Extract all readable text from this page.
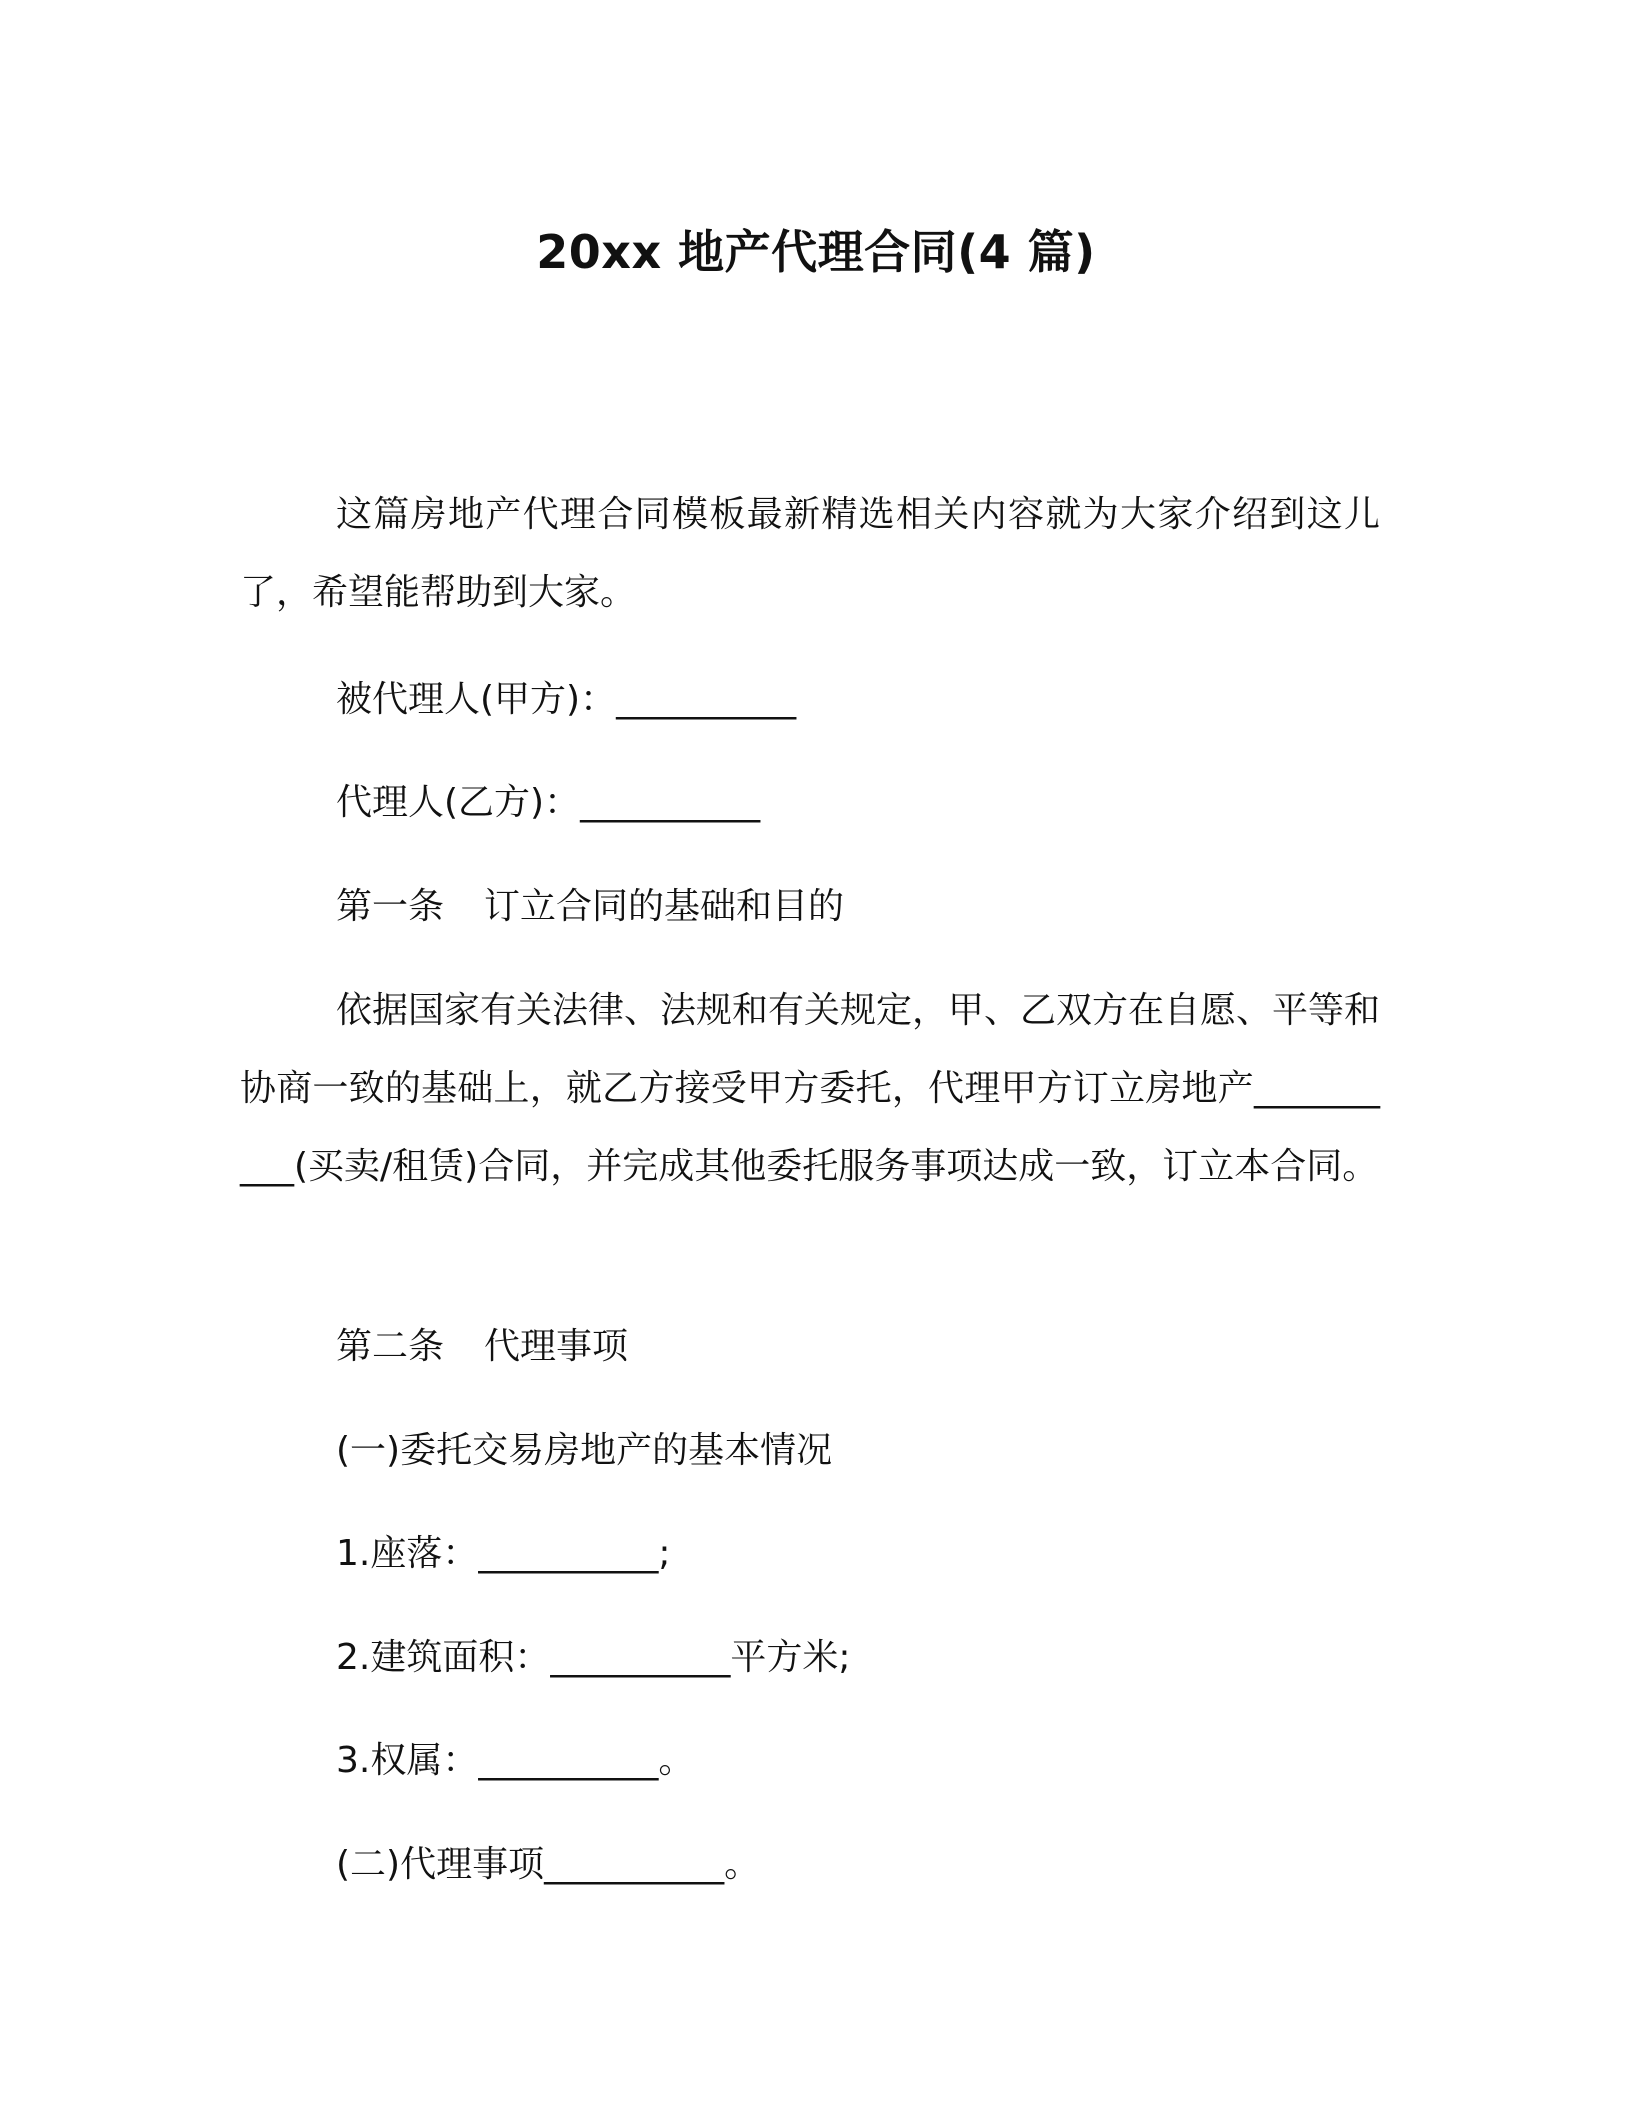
20xx 地产代理合同(4 篇)

这篇房地产代理合同模板最新精选相关内容就为大家介绍到这儿了，希望能帮助到大家。

被代理人(甲方)：__________

代理人(乙方)：__________

第一条 订立合同的基础和目的

依据国家有关法律、法规和有关规定，甲、乙双方在自愿、平等和协商一致的基础上，就乙方接受甲方委托，代理甲方订立房地产__________(买卖/租赁)合同，并完成其他委托服务事项达成一致，订立本合同。

第二条 代理事项

(一)委托交易房地产的基本情况

1.座落：__________;

2.建筑面积：__________平方米;

3.权属：__________。

(二)代理事项__________。
